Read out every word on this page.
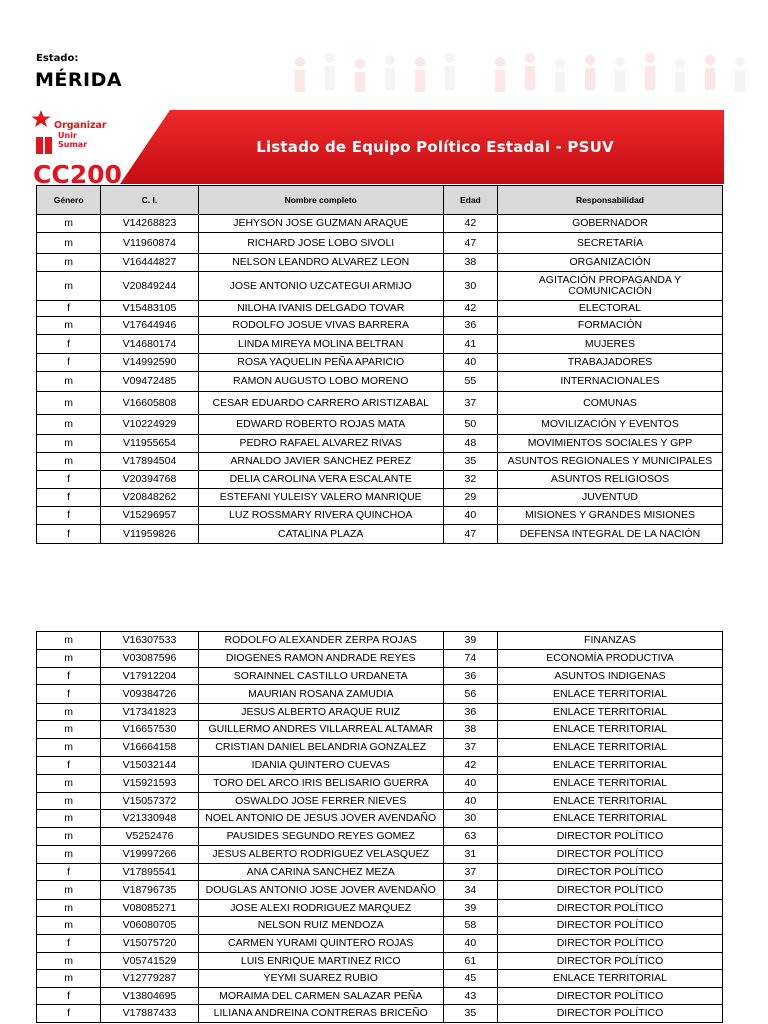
Estado:
MÉRIDA
Organizar
Unir
Sumar
CC200
Listado de Equipo Político Estadal - PSUV
Género	C. I.	Nombre completo	Edad	Responsabilidad
m	V14268823	JEHYSON JOSE GUZMAN ARAQUE	42	GOBERNADOR
m	V11960874	RICHARD JOSE LOBO SIVOLI	47	SECRETARÍA
m	V16444827	NELSON LEANDRO ALVAREZ LEON	38	ORGANIZACIÓN
m	V20849244	JOSE ANTONIO UZCATEGUI ARMIJO	30	AGITACIÓN PROPAGANDA Y COMUNICACIÓN
f	V15483105	NILOHA IVANIS DELGADO TOVAR	42	ELECTORAL
m	V17644946	RODOLFO JOSUE VIVAS BARRERA	36	FORMACIÓN
f	V14680174	LINDA MIREYA MOLINA BELTRAN	41	MUJERES
f	V14992590	ROSA YAQUELIN PEÑA APARICIO	40	TRABAJADORES
m	V09472485	RAMON AUGUSTO LOBO MORENO	55	INTERNACIONALES
m	V16605808	CESAR EDUARDO CARRERO ARISTIZABAL	37	COMUNAS
m	V10224929	EDWARD ROBERTO ROJAS MATA	50	MOVILIZACIÓN Y EVENTOS
m	V11955654	PEDRO RAFAEL ALVAREZ RIVAS	48	MOVIMIENTOS SOCIALES Y GPP
m	V17894504	ARNALDO JAVIER SANCHEZ PEREZ	35	ASUNTOS REGIONALES Y MUNICIPALES
f	V20394768	DELIA CAROLINA VERA ESCALANTE	32	ASUNTOS RELIGIOSOS
f	V20848262	ESTEFANI YULEISY VALERO MANRIQUE	29	JUVENTUD
f	V15296957	LUZ ROSSMARY RIVERA QUINCHOA	40	MISIONES Y GRANDES MISIONES
f	V11959826	CATALINA PLAZA	47	DEFENSA INTEGRAL DE LA NACIÓN
m	V16307533	RODOLFO ALEXANDER ZERPA ROJAS	39	FINANZAS
m	V03087596	DIOGENES RAMON ANDRADE REYES	74	ECONOMÍA PRODUCTIVA
f	V17912204	SORAINNEL CASTILLO URDANETA	36	ASUNTOS INDIGENAS
f	V09384726	MAURIAN ROSANA ZAMUDIA	56	ENLACE TERRITORIAL
m	V17341823	JESUS ALBERTO ARAQUE RUIZ	36	ENLACE TERRITORIAL
m	V16657530	GUILLERMO ANDRES VILLARREAL ALTAMAR	38	ENLACE TERRITORIAL
m	V16664158	CRISTIAN DANIEL BELANDRIA GONZALEZ	37	ENLACE TERRITORIAL
f	V15032144	IDANIA QUINTERO CUEVAS	42	ENLACE TERRITORIAL
m	V15921593	TORO DEL ARCO IRIS BELISARIO GUERRA	40	ENLACE TERRITORIAL
m	V15057372	OSWALDO JOSE FERRER NIEVES	40	ENLACE TERRITORIAL
m	V21330948	NOEL ANTONIO DE JESUS JOVER AVENDAÑO	30	ENLACE TERRITORIAL
m	V5252476	PAUSIDES SEGUNDO REYES GOMEZ	63	DIRECTOR POLÍTICO
m	V19997266	JESUS ALBERTO RODRIGUEZ VELASQUEZ	31	DIRECTOR POLÍTICO
f	V17895541	ANA CARINA SANCHEZ MEZA	37	DIRECTOR POLÍTICO
m	V18796735	DOUGLAS ANTONIO JOSE JOVER AVENDAÑO	34	DIRECTOR POLÍTICO
m	V08085271	JOSE ALEXI RODRIGUEZ MARQUEZ	39	DIRECTOR POLÍTICO
m	V06080705	NELSON RUIZ MENDOZA	58	DIRECTOR POLÍTICO
f	V15075720	CARMEN YURAMI QUINTERO ROJAS	40	DIRECTOR POLÍTICO
m	V05741529	LUIS ENRIQUE MARTINEZ RICO	61	DIRECTOR POLÍTICO
m	V12779287	YEYMI SUAREZ RUBIO	45	ENLACE TERRITORIAL
f	V13804695	MORAIMA DEL CARMEN SALAZAR PEÑA	43	DIRECTOR POLÍTICO
f	V17887433	LILIANA ANDREINA CONTRERAS BRICEÑO	35	DIRECTOR POLÍTICO
